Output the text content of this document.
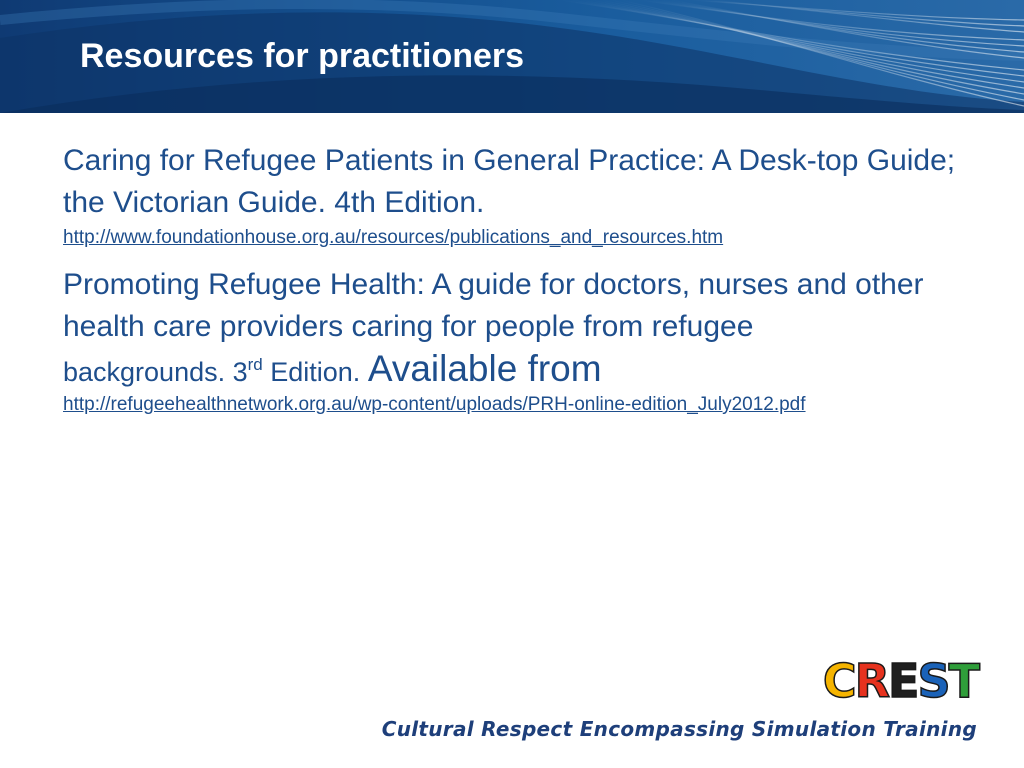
Resources for practitioners

Caring for Refugee Patients in General Practice: A Desk-top Guide; the Victorian Guide. 4th Edition.

http://www.foundationhouse.org.au/resources/publications_and_resources.htm

Promoting Refugee Health: A guide for doctors, nurses and other health care providers caring for people from refugee
backgrounds. 3rd Edition. Available from

http://refugeehealthnetwork.org.au/wp-content/uploads/PRH-online-edition_July2012.pdf
CREST

Cultural Respect Encompassing Simulation Training
